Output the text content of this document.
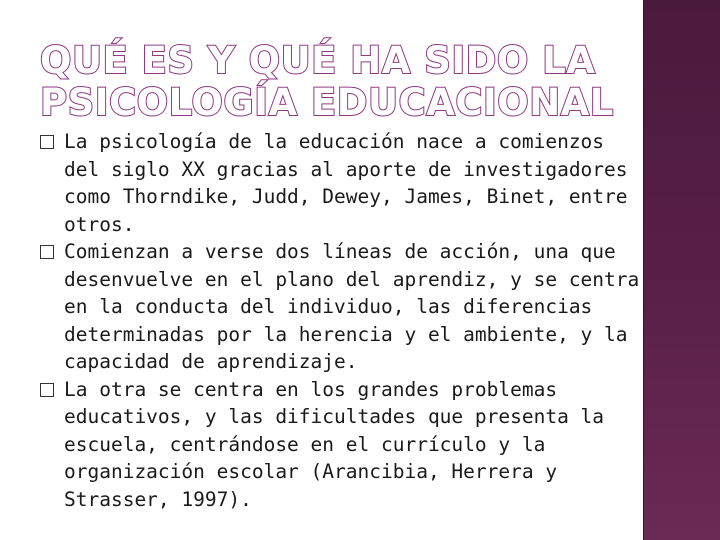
QUÉ ES Y QUÉ HA SIDO LA
PSICOLOGÍA EDUCACIONAL
La psicología de la educación nace a comienzos del siglo XX gracias al aporte de investigadores como Thorndike, Judd, Dewey, James, Binet, entre otros.
Comienzan a verse dos líneas de acción, una que desenvuelve en el plano del aprendiz, y se centra en la conducta del individuo, las diferencias determinadas por la herencia y el ambiente, y la capacidad de aprendizaje.
La otra se centra en los grandes problemas educativos, y las dificultades que presenta la escuela, centrándose en el currículo y la organización escolar (Arancibia, Herrera y Strasser, 1997).
